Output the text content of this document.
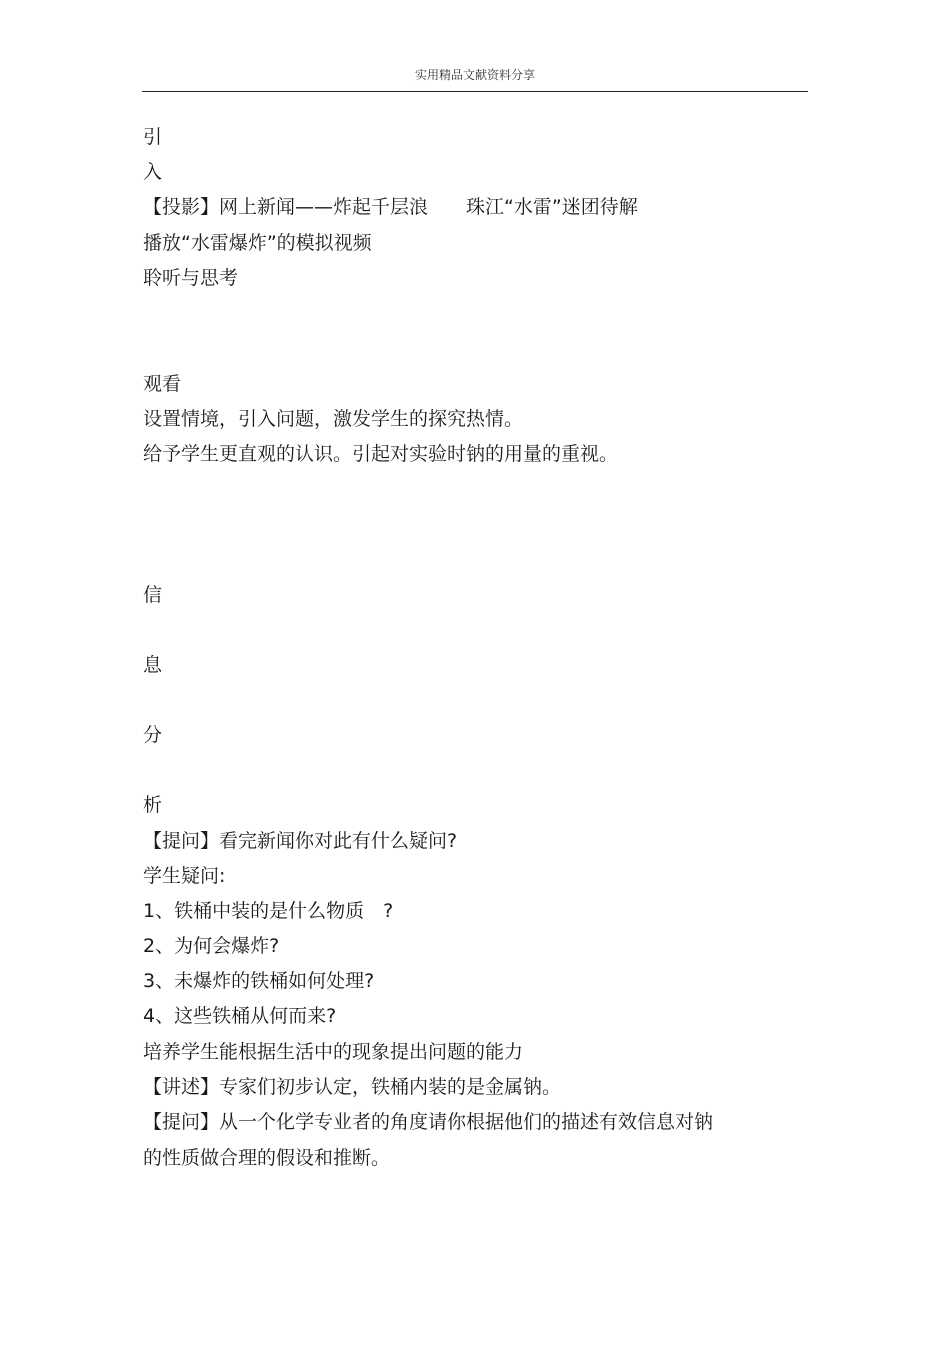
实用精品文献资料分享
引
入
【投影】网上新闻——炸起千层浪　　珠江“水雷”迷团待解
播放“水雷爆炸”的模拟视频
聆听与思考
观看
设置情境，引入问题，激发学生的探究热情。
给予学生更直观的认识。引起对实验时钠的用量的重视。
信
息
分
析
【提问】看完新闻你对此有什么疑问?
学生疑问:
1、铁桶中装的是什么物质　?
2、为何会爆炸?
3、未爆炸的铁桶如何处理?
4、这些铁桶从何而来?
培养学生能根据生活中的现象提出问题的能力
【讲述】专家们初步认定，铁桶内装的是金属钠。
【提问】从一个化学专业者的角度请你根据他们的描述有效信息对钠
的性质做合理的假设和推断。
